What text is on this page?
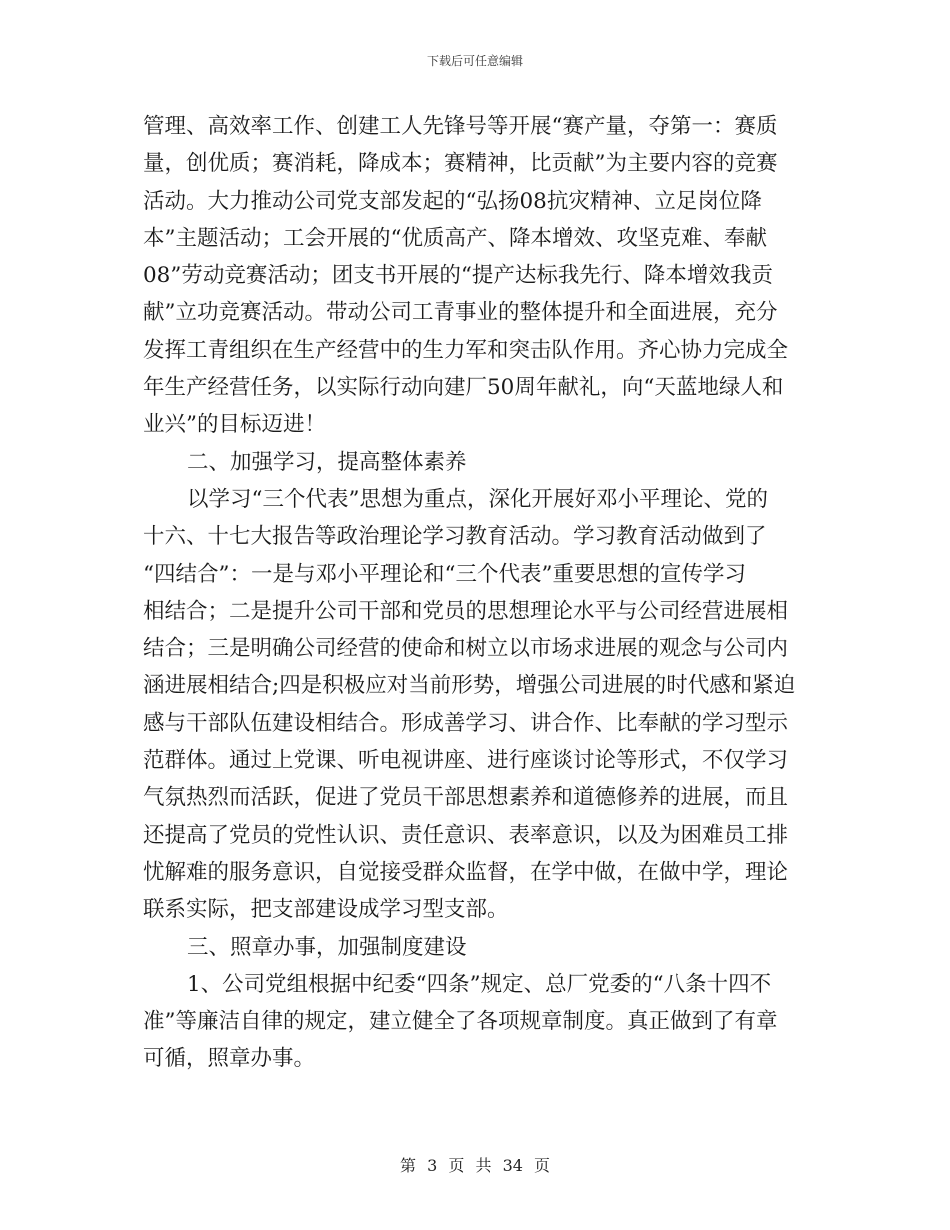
下载后可任意编辑
管理、高效率工作、创建工人先锋号等开展“赛产量，夺第一：赛质
量，创优质；赛消耗，降成本；赛精神，比贡献”为主要内容的竞赛
活动。大力推动公司党支部发起的“弘扬08抗灾精神、立足岗位降
本”主题活动；工会开展的“优质高产、降本增效、攻坚克难、奉献
08”劳动竞赛活动；团支书开展的“提产达标我先行、降本增效我贡
献”立功竞赛活动。带动公司工青事业的整体提升和全面进展，充分
发挥工青组织在生产经营中的生力军和突击队作用。齐心协力完成全
年生产经营任务，以实际行动向建厂50周年献礼，向“天蓝地绿人和
业兴”的目标迈进！
二、加强学习，提高整体素养
以学习“三个代表”思想为重点，深化开展好邓小平理论、党的
十六、十七大报告等政治理论学习教育活动。学习教育活动做到了
“四结合”：一是与邓小平理论和“三个代表”重要思想的宣传学习
相结合；二是提升公司干部和党员的思想理论水平与公司经营进展相
结合；三是明确公司经营的使命和树立以市场求进展的观念与公司内
涵进展相结合;四是积极应对当前形势，增强公司进展的时代感和紧迫
感与干部队伍建设相结合。形成善学习、讲合作、比奉献的学习型示
范群体。通过上党课、听电视讲座、进行座谈讨论等形式，不仅学习
气氛热烈而活跃，促进了党员干部思想素养和道德修养的进展，而且
还提高了党员的党性认识、责任意识、表率意识，以及为困难员工排
忧解难的服务意识，自觉接受群众监督，在学中做，在做中学，理论
联系实际，把支部建设成学习型支部。
三、照章办事，加强制度建设
1、公司党组根据中纪委“四条”规定、总厂党委的“八条十四不
准”等廉洁自律的规定，建立健全了各项规章制度。真正做到了有章
可循，照章办事。
第 3 页 共 34 页
